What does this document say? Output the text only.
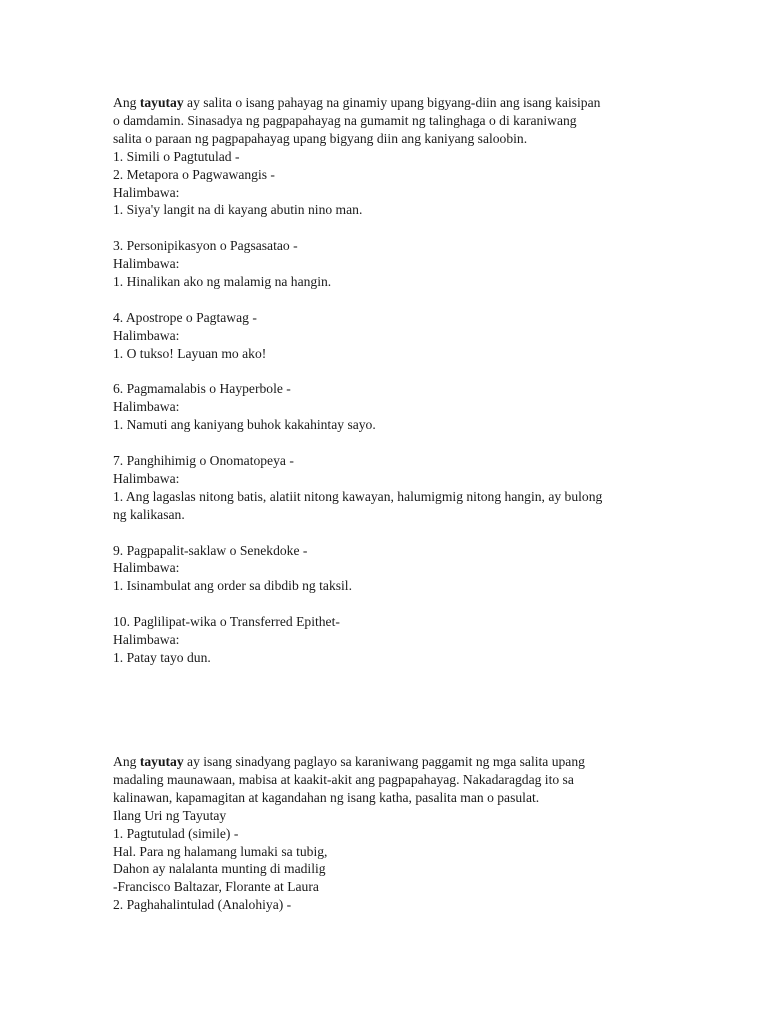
Ang tayutay ay salita o isang pahayag na ginamiy upang bigyang-diin ang isang kaisipan
o damdamin. Sinasadya ng pagpapahayag na gumamit ng talinghaga o di karaniwang
salita o paraan ng pagpapahayag upang bigyang diin ang kaniyang saloobin.
1. Simili o Pagtutulad -
2. Metapora o Pagwawangis -
Halimbawa:
1. Siya'y langit na di kayang abutin nino man.
3. Personipikasyon o Pagsasatao -
Halimbawa:
1. Hinalikan ako ng malamig na hangin.
4. Apostrope o Pagtawag -
Halimbawa:
1. O tukso! Layuan mo ako!
6. Pagmamalabis o Hayperbole -
Halimbawa:
1. Namuti ang kaniyang buhok kakahintay sayo.
7. Panghihimig o Onomatopeya -
Halimbawa:
1. Ang lagaslas nitong batis, alatiit nitong kawayan, halumigmig nitong hangin, ay bulong
ng kalikasan.
9. Pagpapalit-saklaw o Senekdoke -
Halimbawa:
1. Isinambulat ang order sa dibdib ng taksil.
10. Paglilipat-wika o Transferred Epithet-
Halimbawa:
1. Patay tayo dun.
Ang tayutay ay isang sinadyang paglayo sa karaniwang paggamit ng mga salita upang
madaling maunawaan, mabisa at kaakit-akit ang pagpapahayag. Nakadaragdag ito sa
kalinawan, kapamagitan at kagandahan ng isang katha, pasalita man o pasulat.
Ilang Uri ng Tayutay
1. Pagtutulad (simile) -
Hal. Para ng halamang lumaki sa tubig,
Dahon ay nalalanta munting di madilig
-Francisco Baltazar, Florante at Laura
2. Paghahalintulad (Analohiya) -
